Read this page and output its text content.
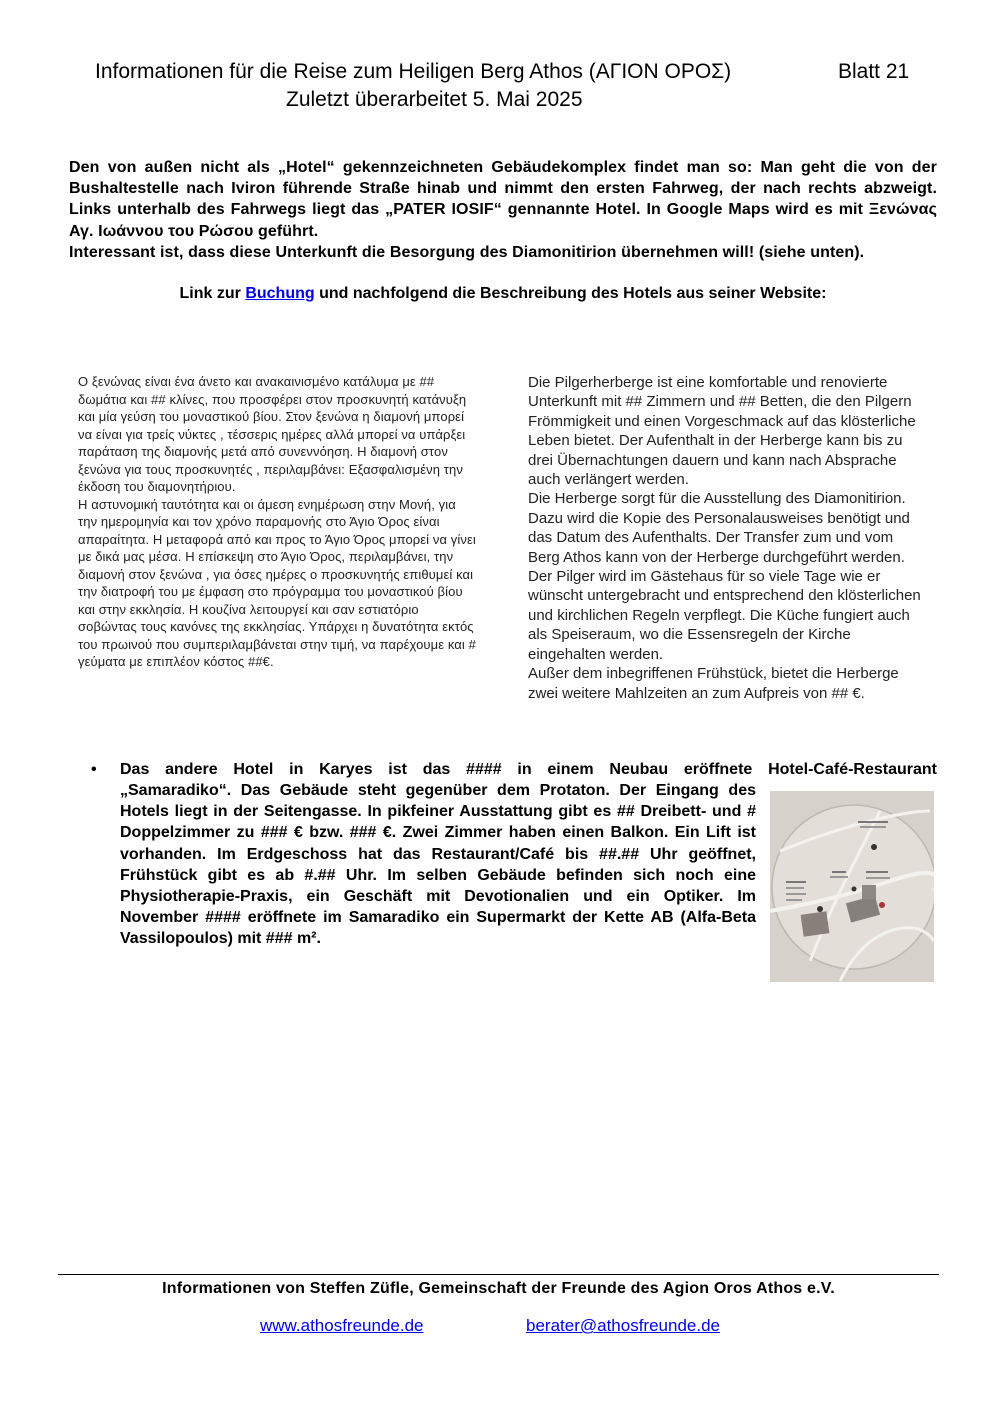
Informationen für die Reise zum Heiligen Berg Athos (ΑΓΙΟΝ ΟΡΟΣ)	Blatt 21
Zuletzt überarbeitet 5. Mai 2025

Den von außen nicht als „Hotel“ gekennzeichneten Gebäudekomplex findet man so: Man geht die von der Bushaltestelle nach Iviron führende Straße hinab und nimmt den ersten Fahrweg, der nach rechts abzweigt. Links unterhalb des Fahrwegs liegt das „PATER IOSIF“ gennannte Hotel. In Google Maps wird es mit Ξενώνας Αγ. Ιωάννου του Ρώσου geführt.

Interessant ist, dass diese Unterkunft die Besorgung des Diamonitirion übernehmen will! (siehe unten).

Link zur Buchung und nachfolgend die Beschreibung des Hotels aus seiner Website:

Ο ξενώνας είναι ένα άνετο και ανακαινισμένο κατάλυμα με ## δωμάτια και ## κλίνες, που προσφέρει στον προσκυνητή κατάνυξη και μία γεύση του μοναστικού βίου. Στον ξενώνα η διαμονή μπορεί να είναι για τρείς νύκτες , τέσσερις ημέρες αλλά μπορεί να υπάρξει παράταση της διαμονής μετά από συνεννόηση. Η διαμονή στον ξενώνα για τους προσκυνητές , περιλαμβάνει: Εξασφαλισμένη την έκδοση του διαμονητήριου.

Η αστυνομική ταυτότητα και οι άμεση ενημέρωση στην Μονή, για την ημερομηνία και τον χρόνο παραμονής στο Άγιο Όρος είναι απαραίτητα. Η μεταφορά από και προς το Άγιο Όρος μπορεί να γίνει με δικά μας μέσα. Η επίσκεψη στο Άγιο Όρος, περιλαμβάνει, την διαμονή στον ξενώνα , για όσες ημέρες ο προσκυνητής επιθυμεί και την διατροφή του με έμφαση στο πρόγραμμα του μοναστικού βίου και στην εκκλησία. Η κουζίνα λειτουργεί και σαν εστιατόριο σοβώντας τους κανόνες της εκκλησίας. Υπάρχει η δυνατότητα εκτός του πρωινού που συμπεριλαμβάνεται στην τιμή, να παρέχουμε και # γεύματα με επιπλέον κόστος ##€.

Die Pilgerherberge ist eine komfortable und renovierte Unterkunft mit ## Zimmern und ## Betten, die den Pilgern Frömmigkeit und einen Vorgeschmack auf das klösterliche Leben bietet. Der Aufenthalt in der Herberge kann bis zu drei Übernachtungen dauern und kann nach Absprache auch verlängert werden.

Die Herberge sorgt für die Ausstellung des Diamonitirion. Dazu wird die Kopie des Personalausweises benötigt und das Datum des Aufenthalts. Der Transfer zum und vom Berg Athos kann von der Herberge durchgeführt werden. Der Pilger wird im Gästehaus für so viele Tage wie er wünscht untergebracht und entsprechend den klösterlichen und kirchlichen Regeln verpflegt. Die Küche fungiert auch als Speiseraum, wo die Essensregeln der Kirche eingehalten werden.

Außer dem inbegriffenen Frühstück, bietet die Herberge zwei weitere Mahlzeiten an zum Aufpreis von ## €.

• Das andere Hotel in Karyes ist das #### in einem Neubau eröffnete Hotel-Café-Restaurant
„Samaradiko“. Das Gebäude steht gegenüber dem Protaton. Der Eingang des
Hotels liegt in der Seitengasse. In pikfeiner Ausstattung gibt es ## Dreibett- und # Doppelzimmer zu ### € bzw. ### €. Zwei Zimmer haben einen Balkon. Ein Lift ist vorhanden. Im Erdgeschoss hat das Restaurant/Café bis ##.## Uhr geöffnet, Frühstück gibt es ab #.## Uhr. Im selben Gebäude befinden sich noch eine Physiotherapie-Praxis, ein Geschäft mit Devotionalien und ein Optiker. Im November #### eröffnete im Samaradiko ein Supermarkt der Kette AB (Alfa-Beta Vassilopoulos) mit ### m².
Informationen von Steffen Züfle, Gemeinschaft der Freunde des Agion Oros Athos e.V.
www.athosfreunde.de	berater@athosfreunde.de
